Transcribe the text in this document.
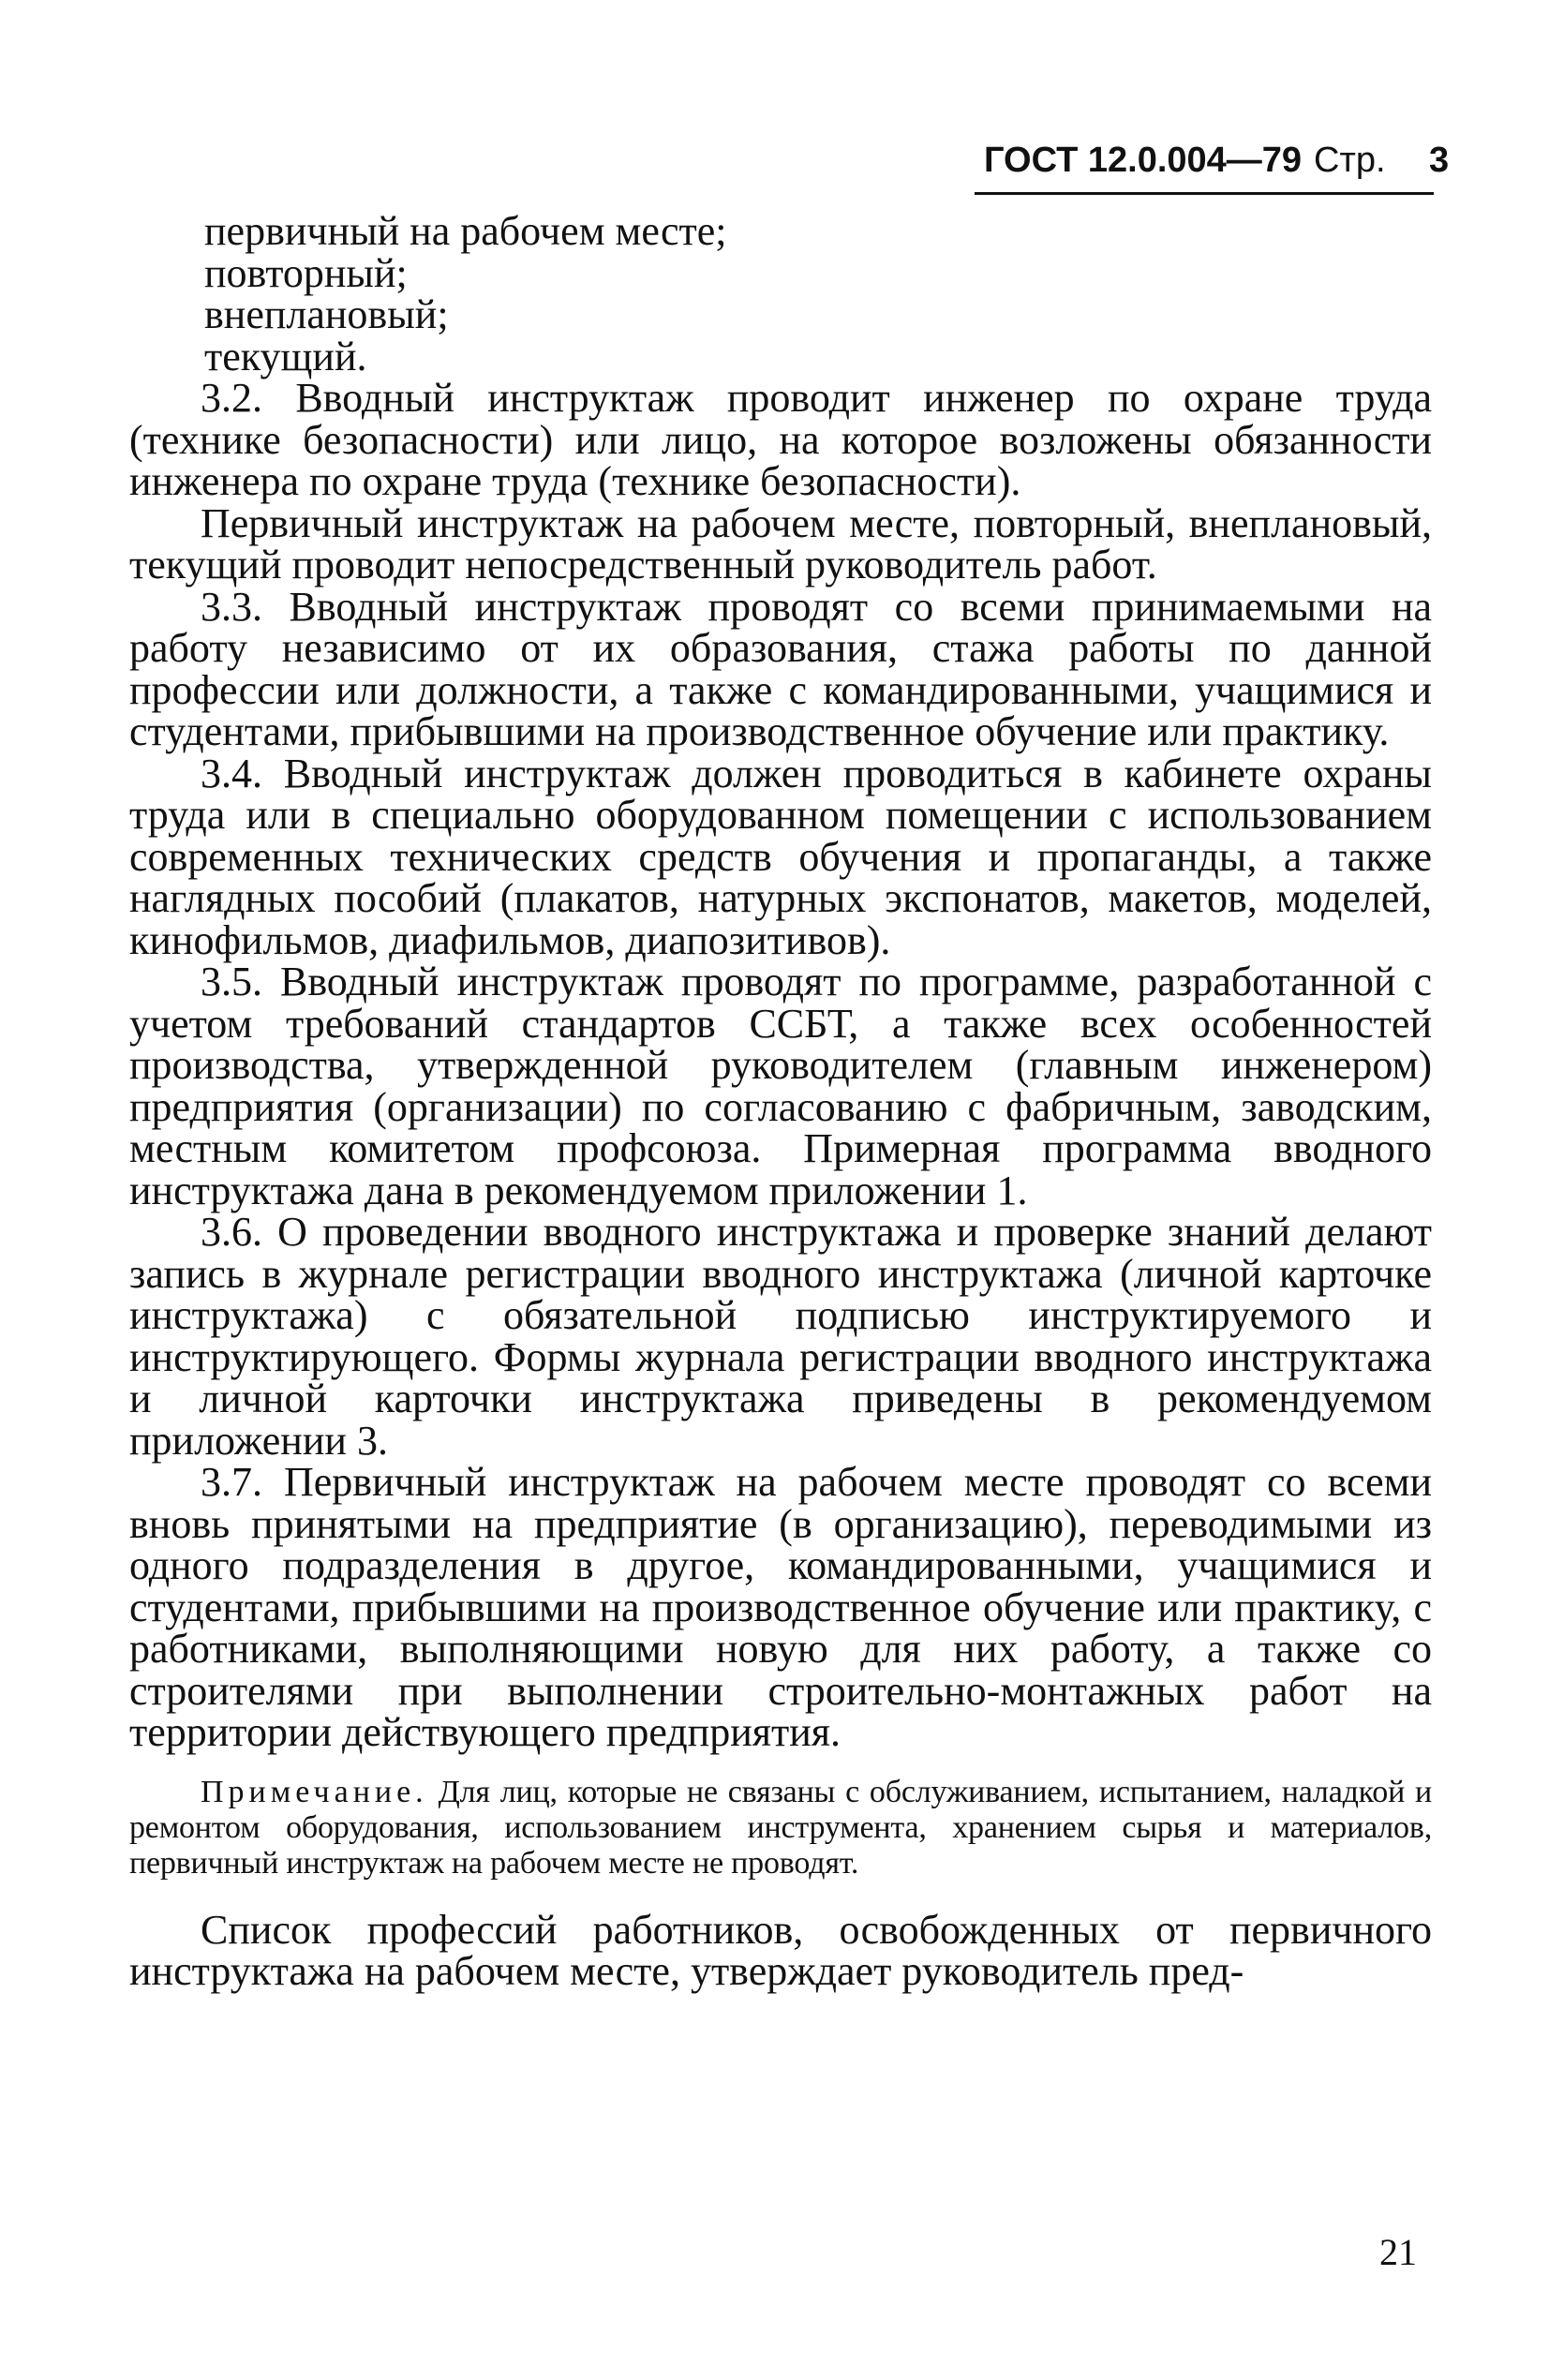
ГОСТ 12.0.004—79 Стр. 3

первичный на рабочем месте;

повторный;

внеплановый;

текущий.

3.2. Вводный инструктаж проводит инженер по охране труда (технике безопасности) или лицо, на которое возложены обязанности инженера по охране труда (технике безопасности).

Первичный инструктаж на рабочем месте, повторный, внеплановый, текущий проводит непосредственный руководитель работ.

3.3. Вводный инструктаж проводят со всеми принимаемыми на работу независимо от их образования, стажа работы по данной профессии или должности, а также с командированными, учащимися и студентами, прибывшими на производственное обучение или практику.

3.4. Вводный инструктаж должен проводиться в кабинете охраны труда или в специально оборудованном помещении с использованием современных технических средств обучения и пропаганды, а также наглядных пособий (плакатов, натурных экспонатов, макетов, моделей, кинофильмов, диафильмов, диапозитивов).

3.5. Вводный инструктаж проводят по программе, разработанной с учетом требований стандартов ССБТ, а также всех особенностей производства, утвержденной руководителем (главным инженером) предприятия (организации) по согласованию с фабричным, заводским, местным комитетом профсоюза. Примерная программа вводного инструктажа дана в рекомендуемом приложении 1.

3.6. О проведении вводного инструктажа и проверке знаний делают запись в журнале регистрации вводного инструктажа (личной карточке инструктажа) с обязательной подписью инструктируемого и инструктирующего. Формы журнала регистрации вводного инструктажа и личной карточки инструктажа приведены в рекомендуемом приложении 3.

3.7. Первичный инструктаж на рабочем месте проводят со всеми вновь принятыми на предприятие (в организацию), переводимыми из одного подразделения в другое, командированными, учащимися и студентами, прибывшими на производственное обучение или практику, с работниками, выполняющими новую для них работу, а также со строителями при выполнении строительно-монтажных работ на территории действующего предприятия.

Примечание. Для лиц, которые не связаны с обслуживанием, испытанием, наладкой и ремонтом оборудования, использованием инструмента, хранением сырья и материалов, первичный инструктаж на рабочем месте не проводят.

Список профессий работников, освобожденных от первичного инструктажа на рабочем месте, утверждает руководитель пред-

21
